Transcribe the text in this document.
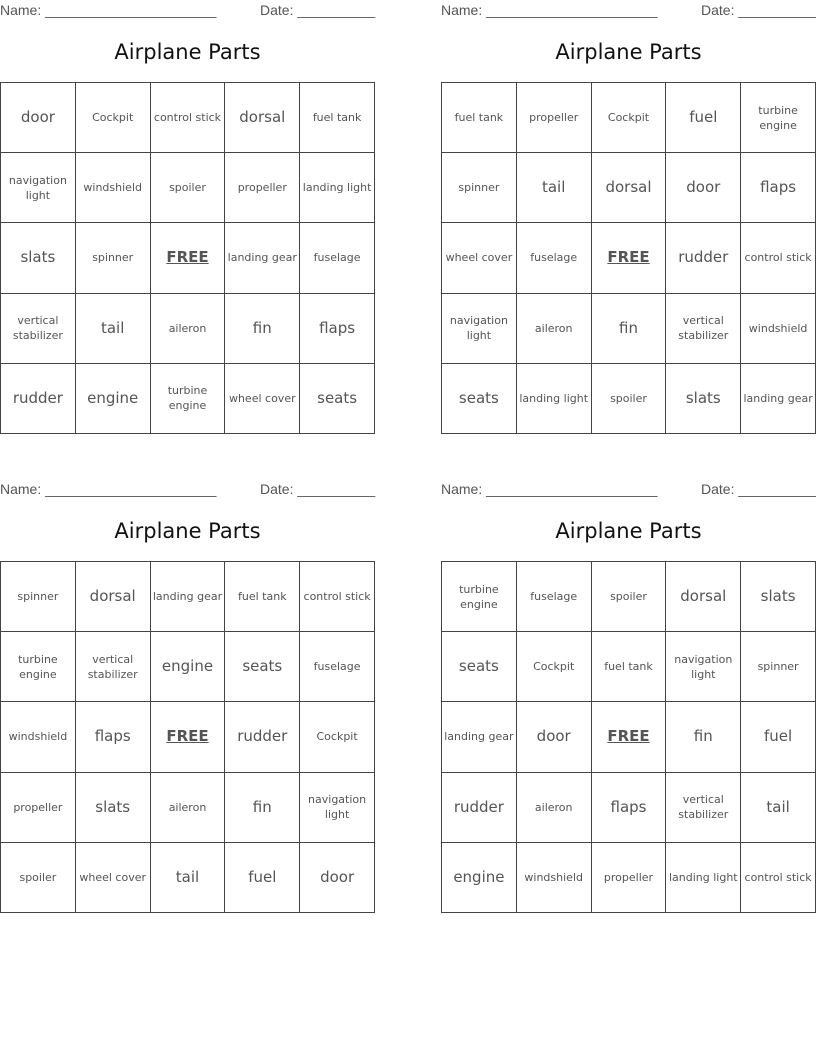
Name: ______________________	Date: __________
Airplane Parts
door	Cockpit	control stick	dorsal	fuel tank
navigation light	windshield	spoiler	propeller	landing light
slats	spinner	FREE	landing gear	fuselage
vertical stabilizer	tail	aileron	fin	flaps
rudder	engine	turbine engine	wheel cover	seats
Name: ______________________	Date: __________
Airplane Parts
fuel tank	propeller	Cockpit	fuel	turbine engine
spinner	tail	dorsal	door	flaps
wheel cover	fuselage	FREE	rudder	control stick
navigation light	aileron	fin	vertical stabilizer	windshield
seats	landing light	spoiler	slats	landing gear
Name: ______________________	Date: __________
Airplane Parts
spinner	dorsal	landing gear	fuel tank	control stick
turbine engine	vertical stabilizer	engine	seats	fuselage
windshield	flaps	FREE	rudder	Cockpit
propeller	slats	aileron	fin	navigation light
spoiler	wheel cover	tail	fuel	door
Name: ______________________	Date: __________
Airplane Parts
turbine engine	fuselage	spoiler	dorsal	slats
seats	Cockpit	fuel tank	navigation light	spinner
landing gear	door	FREE	fin	fuel
rudder	aileron	flaps	vertical stabilizer	tail
engine	windshield	propeller	landing light	control stick
